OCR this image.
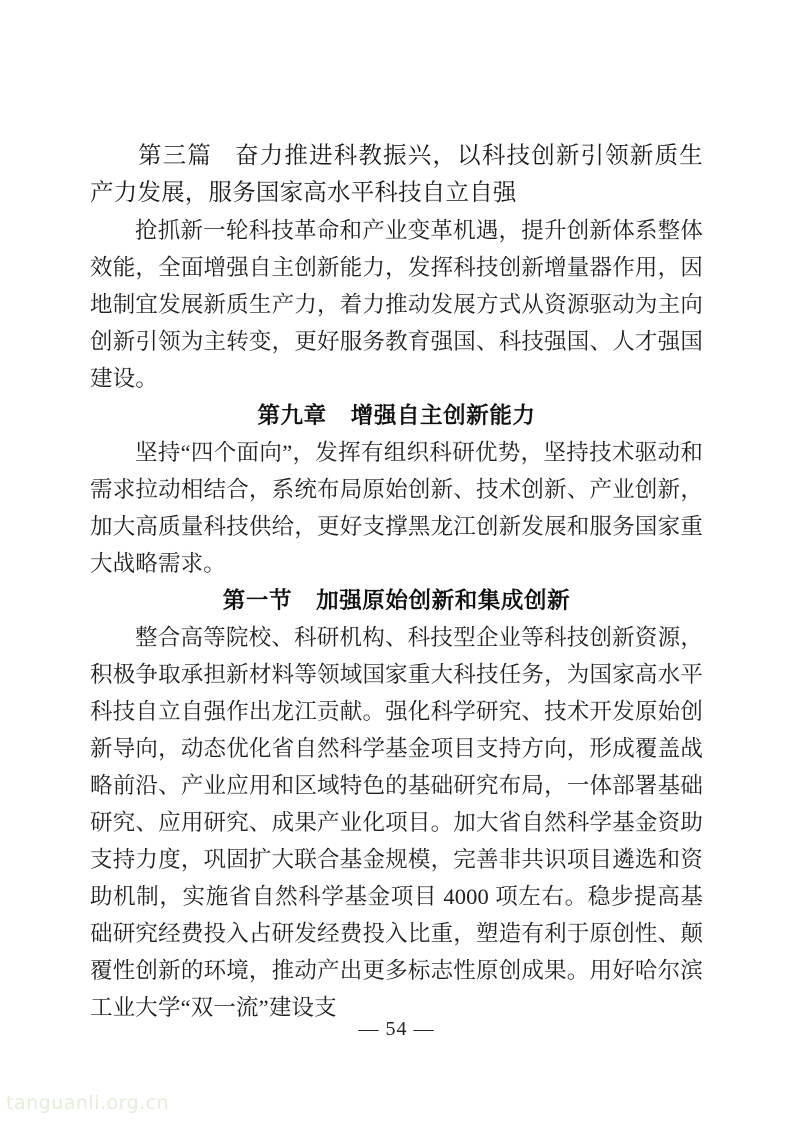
第三篇 奋力推进科教振兴，以科技创新引领新质生产力发展，服务国家高水平科技自立自强

抢抓新一轮科技革命和产业变革机遇，提升创新体系整体效能，全面增强自主创新能力，发挥科技创新增量器作用，因地制宜发展新质生产力，着力推动发展方式从资源驱动为主向创新引领为主转变，更好服务教育强国、科技强国、人才强国建设。

第九章 增强自主创新能力

坚持“四个面向”，发挥有组织科研优势，坚持技术驱动和需求拉动相结合，系统布局原始创新、技术创新、产业创新，加大高质量科技供给，更好支撑黑龙江创新发展和服务国家重大战略需求。

第一节 加强原始创新和集成创新

整合高等院校、科研机构、科技型企业等科技创新资源，积极争取承担新材料等领域国家重大科技任务，为国家高水平科技自立自强作出龙江贡献。强化科学研究、技术开发原始创新导向，动态优化省自然科学基金项目支持方向，形成覆盖战略前沿、产业应用和区域特色的基础研究布局，一体部署基础研究、应用研究、成果产业化项目。加大省自然科学基金资助支持力度，巩固扩大联合基金规模，完善非共识项目遴选和资助机制，实施省自然科学基金项目 4000 项左右。稳步提高基础研究经费投入占研发经费投入比重，塑造有利于原创性、颠覆性创新的环境，推动产出更多标志性原创成果。用好哈尔滨工业大学“双一流”建设支

— 54 —
tanguanli.org.cn
